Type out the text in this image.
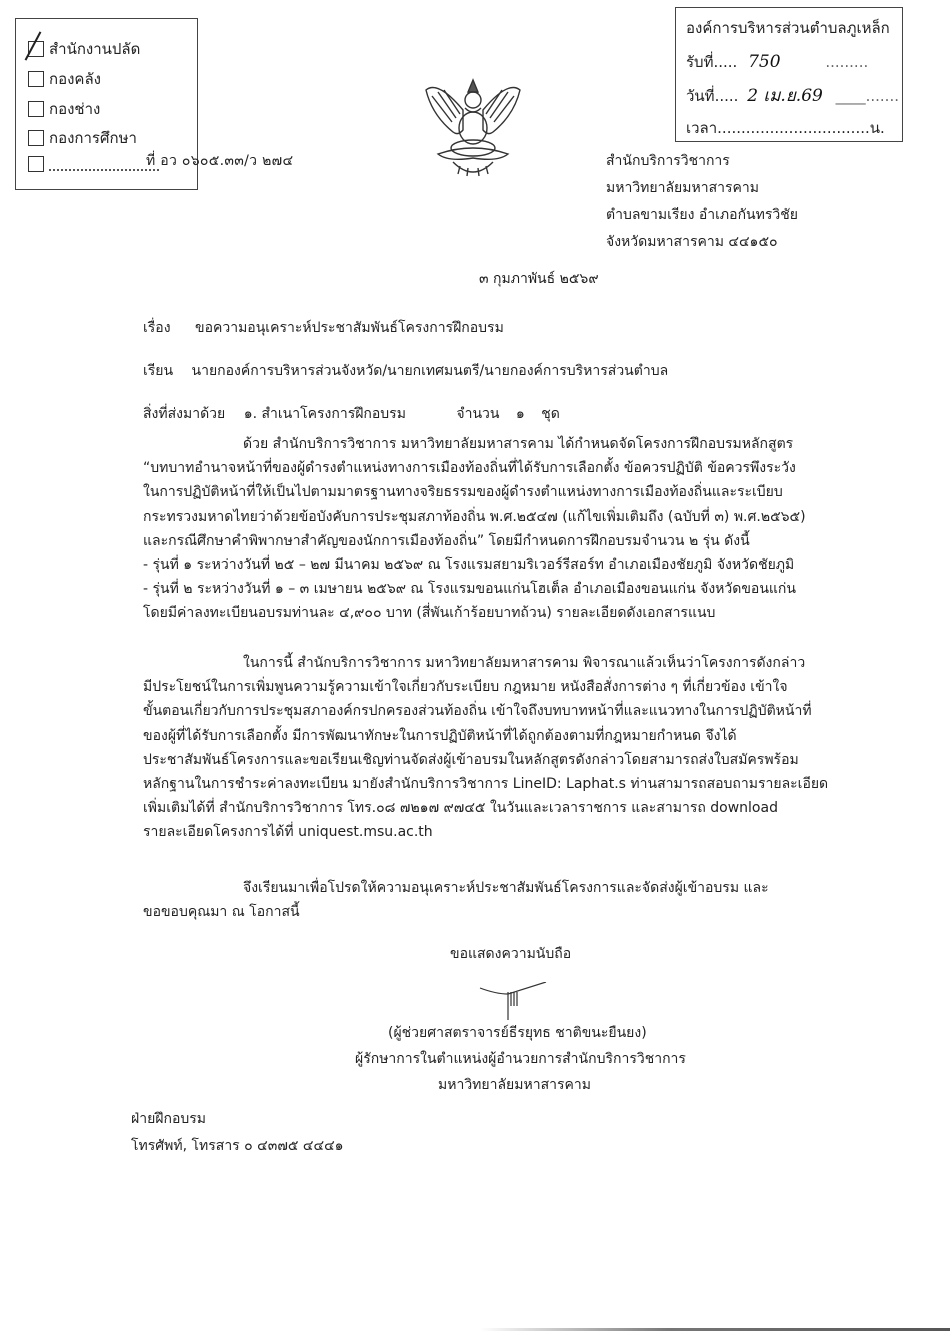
สำนักงานปลัด
กองคลัง
กองช่าง
กองการศึกษา
ที่ อว ๐๖๐๕.๓๓/ว ๒๗๔
องค์การบริหารส่วนตำบลภูเหล็ก
รับที่..... 750	.........
วันที่..... 2 เม.ย.69 ____.......
เวลา................................น.
สำนักบริการวิชาการ
มหาวิทยาลัยมหาสารคาม
ตำบลขามเรียง อำเภอกันทรวิชัย
จังหวัดมหาสารคาม ๔๔๑๕๐
๓ กุมภาพันธ์ ๒๕๖๙
เรื่อง ขอความอนุเคราะห์ประชาสัมพันธ์โครงการฝึกอบรม
เรียน นายกองค์การบริหารส่วนจังหวัด/นายกเทศมนตรี/นายกองค์การบริหารส่วนตำบล
สิ่งที่ส่งมาด้วย ๑. สำเนาโครงการฝึกอบรม	จำนวน ๑ ชุด
ด้วย สำนักบริการวิชาการ มหาวิทยาลัยมหาสารคาม ได้กำหนดจัดโครงการฝึกอบรมหลักสูตร
“บทบาทอำนาจหน้าที่ของผู้ดำรงตำแหน่งทางการเมืองท้องถิ่นที่ได้รับการเลือกตั้ง ข้อควรปฏิบัติ ข้อควรพึงระวัง
ในการปฏิบัติหน้าที่ให้เป็นไปตามมาตรฐานทางจริยธรรมของผู้ดำรงตำแหน่งทางการเมืองท้องถิ่นและระเบียบ
กระทรวงมหาดไทยว่าด้วยข้อบังคับการประชุมสภาท้องถิ่น พ.ศ.๒๕๔๗ (แก้ไขเพิ่มเติมถึง (ฉบับที่ ๓) พ.ศ.๒๕๖๕)
และกรณีศึกษาคำพิพากษาสำคัญของนักการเมืองท้องถิ่น” โดยมีกำหนดการฝึกอบรมจำนวน ๒ รุ่น ดังนี้
- รุ่นที่ ๑ ระหว่างวันที่ ๒๕ – ๒๗ มีนาคม ๒๕๖๙ ณ โรงแรมสยามริเวอร์รีสอร์ท อำเภอเมืองชัยภูมิ จังหวัดชัยภูมิ
- รุ่นที่ ๒ ระหว่างวันที่ ๑ – ๓ เมษายน ๒๕๖๙ ณ โรงแรมขอนแก่นโฮเต็ล อำเภอเมืองขอนแก่น จังหวัดขอนแก่น
โดยมีค่าลงทะเบียนอบรมท่านละ ๔,๙๐๐ บาท (สี่พันเก้าร้อยบาทถ้วน) รายละเอียดดังเอกสารแนบ
ในการนี้ สำนักบริการวิชาการ มหาวิทยาลัยมหาสารคาม พิจารณาแล้วเห็นว่าโครงการดังกล่าว
มีประโยชน์ในการเพิ่มพูนความรู้ความเข้าใจเกี่ยวกับระเบียบ กฎหมาย หนังสือสั่งการต่าง ๆ ที่เกี่ยวข้อง เข้าใจ
ขั้นตอนเกี่ยวกับการประชุมสภาองค์กรปกครองส่วนท้องถิ่น เข้าใจถึงบทบาทหน้าที่และแนวทางในการปฏิบัติหน้าที่
ของผู้ที่ได้รับการเลือกตั้ง มีการพัฒนาทักษะในการปฏิบัติหน้าที่ได้ถูกต้องตามที่กฎหมายกำหนด จึงได้
ประชาสัมพันธ์โครงการและขอเรียนเชิญท่านจัดส่งผู้เข้าอบรมในหลักสูตรดังกล่าวโดยสามารถส่งใบสมัครพร้อม
หลักฐานในการชำระค่าลงทะเบียน มายังสำนักบริการวิชาการ LineID: Laphat.s ท่านสามารถสอบถามรายละเอียด
เพิ่มเติมได้ที่ สำนักบริการวิชาการ โทร.๐๘ ๗๒๑๗ ๙๗๔๕ ในวันและเวลาราชการ และสามารถ download
รายละเอียดโครงการได้ที่ uniquest.msu.ac.th
จึงเรียนมาเพื่อโปรดให้ความอนุเคราะห์ประชาสัมพันธ์โครงการและจัดส่งผู้เข้าอบรม และ
ขอขอบคุณมา ณ โอกาสนี้
ขอแสดงความนับถือ
(ผู้ช่วยศาสตราจารย์ธีรยุทธ ชาติขนะยืนยง)
ผู้รักษาการในตำแหน่งผู้อำนวยการสำนักบริการวิชาการ
มหาวิทยาลัยมหาสารคาม
ฝ่ายฝึกอบรม
โทรศัพท์, โทรสาร ๐ ๔๓๗๕ ๔๔๔๑
